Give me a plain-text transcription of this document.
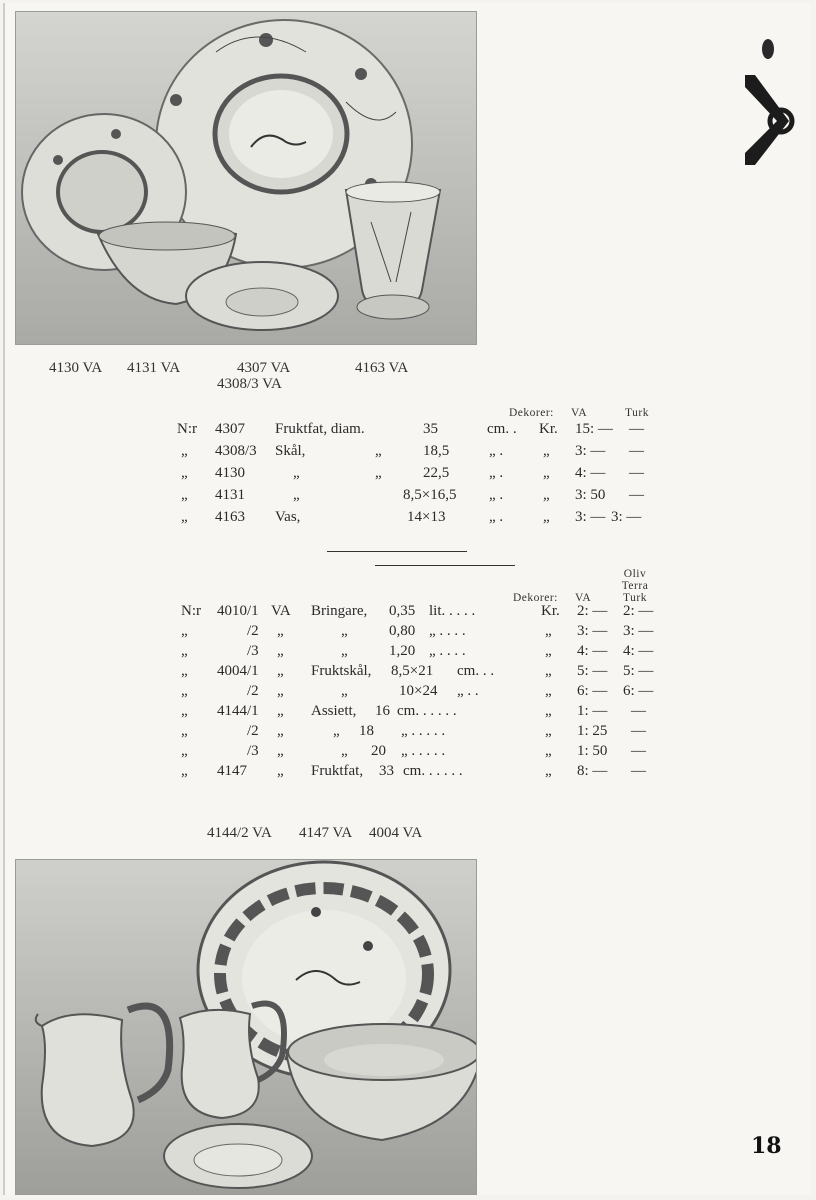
4130 VA 4131 VA	4307 VA
4308/3 VA
4163 VA
Dekorer: VA	Turk
N:r 4307 Fruktfat, diam.	35	cm. . Kr. 15: — —
„ 4308/3 Skål,	„	18,5	„ .	„ 3: — —
„ 4130	„	„	22,5	„ .	„ 4: — —
„ 4131	„	8,5×16,5 „ .	„ 3: 50 —
„ 4163 Vas,	14×13	„ .	„ 3: — 3: —
Oliv
Terra
Turk
Dekorer: VA
N:r 4010/1 VA Bringare, 0,35 lit. . . . .	Kr. 2: — 2: —
„	/2 „	„	0,80 „ . . . .	„ 3: — 3: —
„	/3 „	„	1,20 „ . . . .	„ 4: — 4: —
„ 4004/1 „ Fruktskål, 8,5×21 cm. . .	„ 5: — 5: —
„	/2 „	„	10×24 „ . .	„ 6: — 6: —
„ 4144/1 „ Assiett, 16 cm. . . . . .	„ 1: — —
„	/2 „	„ 18 „ . . . . .	„ 1: 25 —
„	/3 „	„ 20 „ . . . . .	„ 1: 50 —
„ 4147 „ Fruktfat, 33 cm. . . . . .	„ 8: — —
4144/2 VA 4147 VA 4004 VA
18
